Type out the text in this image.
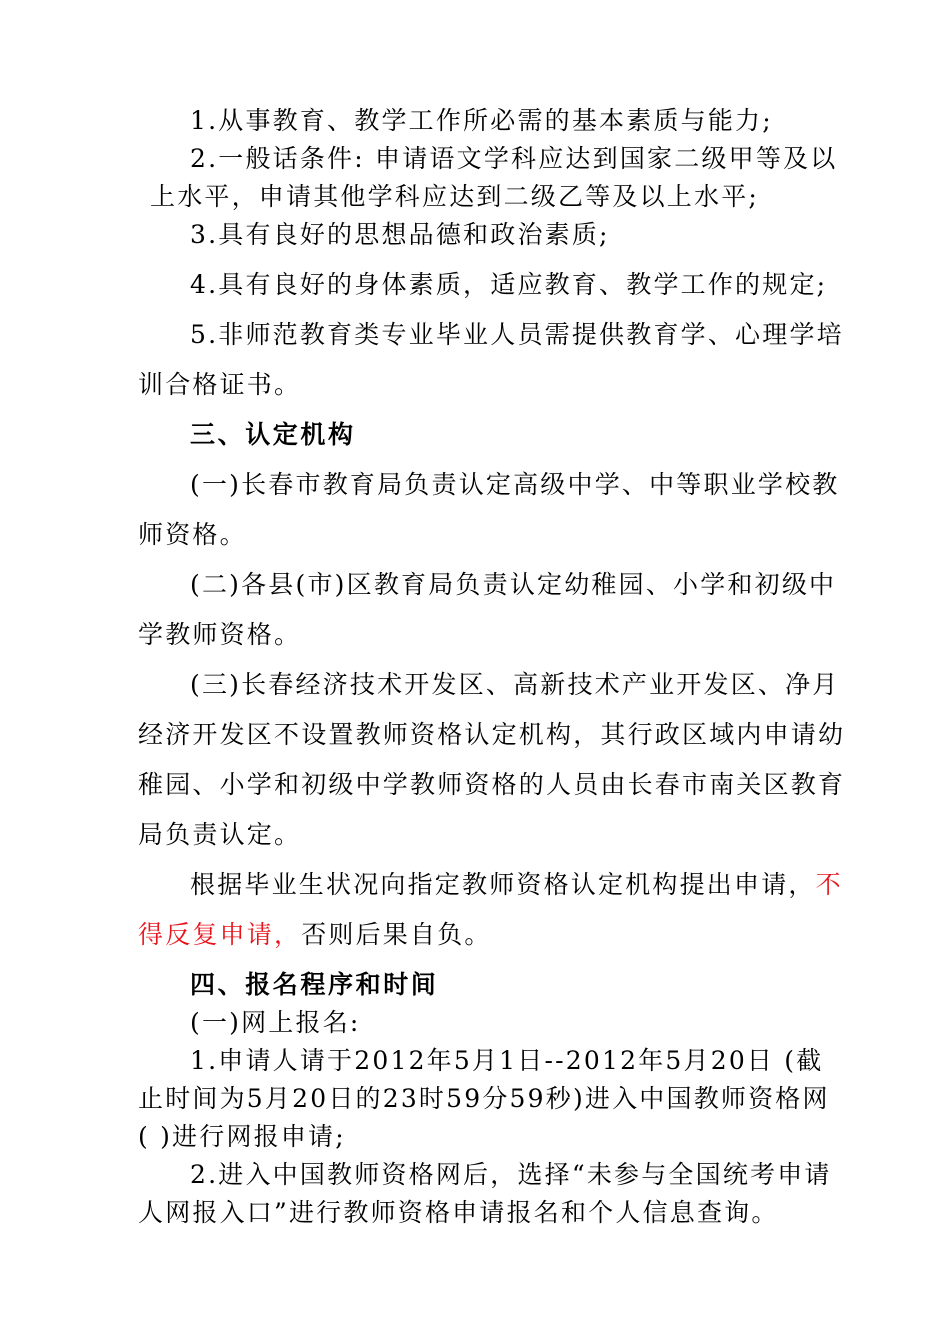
1.从事教育、教学工作所必需的基本素质与能力;
2.一般话条件: 申请语文学科应达到国家二级甲等及以
上水平，申请其他学科应达到二级乙等及以上水平;
3.具有良好的思想品德和政治素质;
4.具有良好的身体素质，适应教育、教学工作的规定;
5.非师范教育类专业毕业人员需提供教育学、心理学培
训合格证书。
三、认定机构
(一)长春市教育局负责认定高级中学、中等职业学校教
师资格。
(二)各县(市)区教育局负责认定幼稚园、小学和初级中
学教师资格。
(三)长春经济技术开发区、高新技术产业开发区、净月
经济开发区不设置教师资格认定机构，其行政区域内申请幼
稚园、小学和初级中学教师资格的人员由长春市南关区教育
局负责认定。
根据毕业生状况向指定教师资格认定机构提出申请，不
得反复申请，否则后果自负。
四、报名程序和时间
(一)网上报名:
1.申请人请于2012年5月1日--2012年5月20日 (截
止时间为5月20日的23时59分59秒)进入中国教师资格网
( )进行网报申请;
2.进入中国教师资格网后，选择“未参与全国统考申请
人网报入口”进行教师资格申请报名和个人信息查询。
